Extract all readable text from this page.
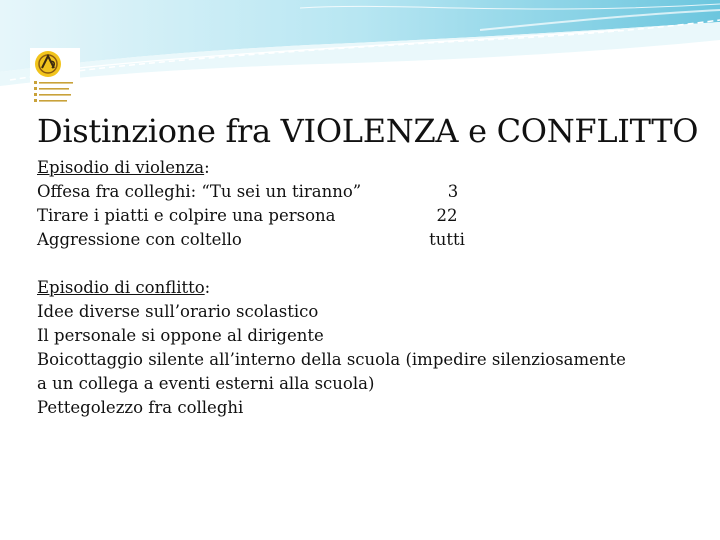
Distinzione fra VIOLENZA e CONFLITTO
Episodio di violenza:
Offesa fra colleghi: “Tu sei un tiranno”	3
Tirare i piatti e colpire una persona	22
Aggressione con coltello	tutti
Episodio di conflitto:
Idee diverse sull’orario scolastico
Il personale si oppone al dirigente
Boicottaggio silente all’interno della scuola (impedire silenziosamente
a un collega a eventi esterni alla scuola)
Pettegolezzo fra colleghi
